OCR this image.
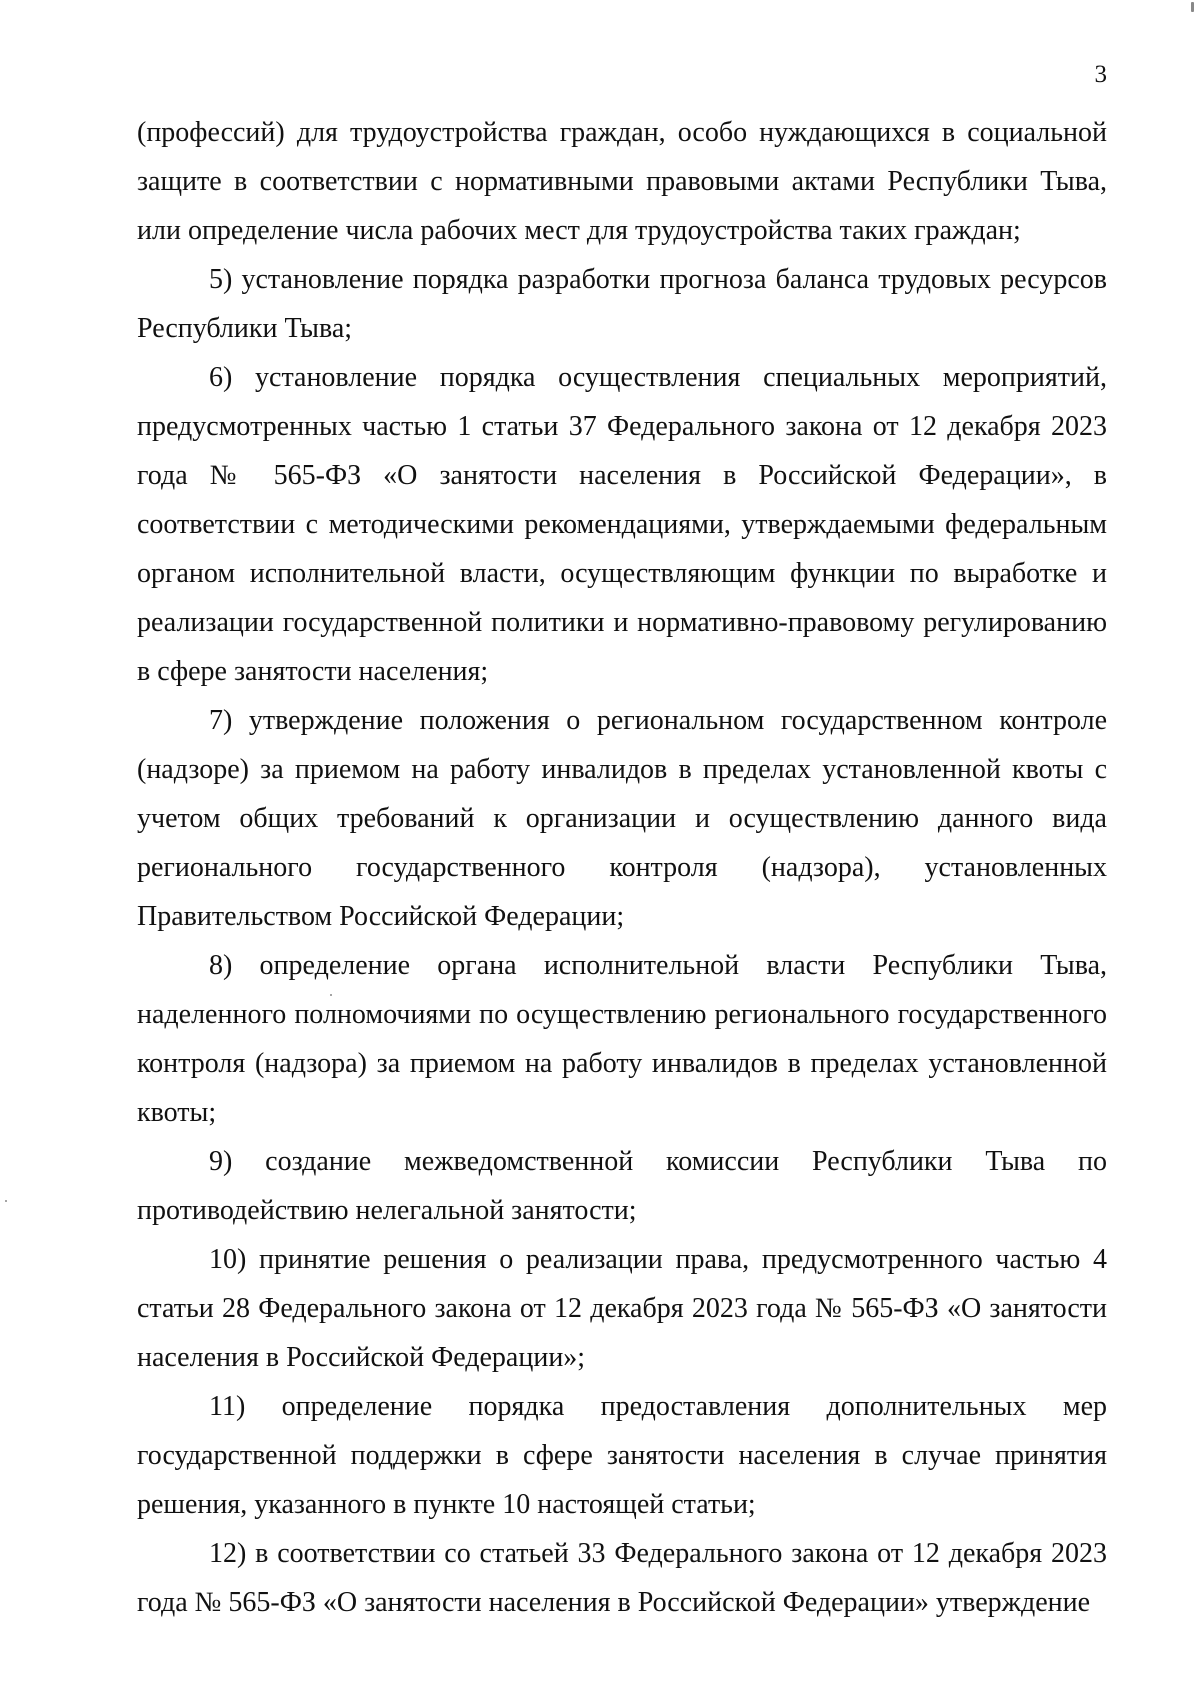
3

(профессий) для трудоустройства граждан, особо нуждающихся в социальной защите в соответствии с нормативными правовыми актами Республики Тыва, или определение числа рабочих мест для трудоустройства таких граждан;

5) установление порядка разработки прогноза баланса трудовых ресурсов Республики Тыва;

6) установление порядка осуществления специальных мероприятий, предусмотренных частью 1 статьи 37 Федерального закона от 12 декабря 2023 года № 565-ФЗ «О занятости населения в Российской Федерации», в соответствии с методическими рекомендациями, утверждаемыми федеральным органом исполнительной власти, осуществляющим функции по выработке и реализации государственной политики и нормативно-правовому регулированию в сфере занятости населения;

7) утверждение положения о региональном государственном контроле (надзоре) за приемом на работу инвалидов в пределах установленной квоты с учетом общих требований к организации и осуществлению данного вида регионального государственного контроля (надзора), установленных Правительством Российской Федерации;

8) определение органа исполнительной власти Республики Тыва, наделенного полномочиями по осуществлению регионального государственного контроля (надзора) за приемом на работу инвалидов в пределах установленной квоты;

9) создание межведомственной комиссии Республики Тыва по противодействию нелегальной занятости;

10) принятие решения о реализации права, предусмотренного частью 4 статьи 28 Федерального закона от 12 декабря 2023 года № 565-ФЗ «О занятости населения в Российской Федерации»;

11) определение порядка предоставления дополнительных мер государственной поддержки в сфере занятости населения в случае принятия решения, указанного в пункте 10 настоящей статьи;

12) в соответствии со статьей 33 Федерального закона от 12 декабря 2023 года № 565-ФЗ «О занятости населения в Российской Федерации» утверждение
